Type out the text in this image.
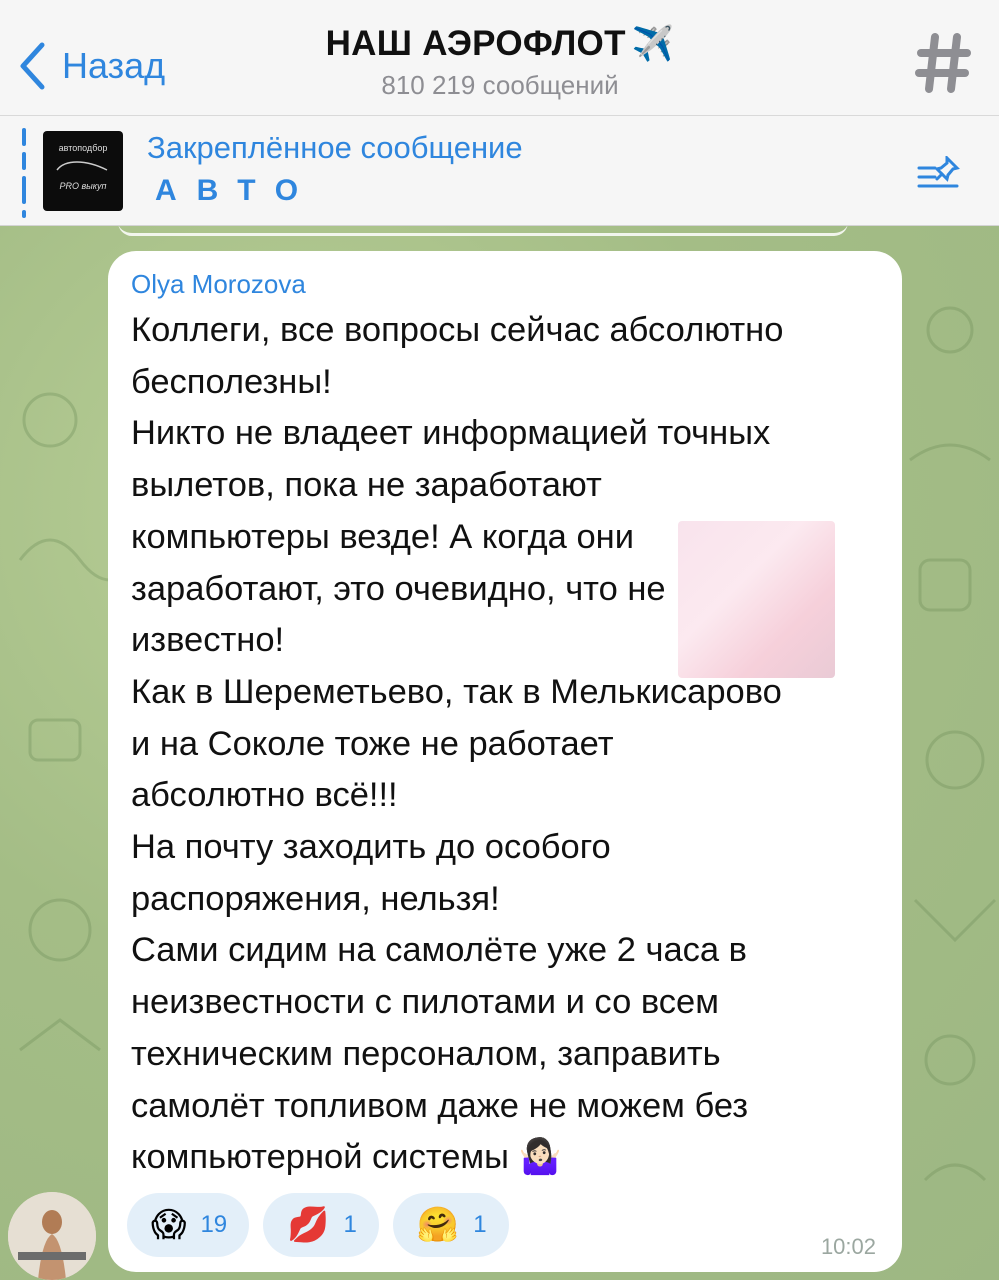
Назад
НАШ АЭРОФЛОТ ✈️
810 219 сообщений
автоподбор
PRO выкуп
Закреплённое сообщение
АВТО
Olya Morozova
Коллеги, все вопросы сейчас абсолютно
бесполезны!
Никто не владеет информацией точных
вылетов, пока не заработают
компьютеры везде! А когда они
заработают, это очевидно, что не
известно!
Как в Шереметьево, так в Мелькисарово
и на Соколе тоже не работает
абсолютно всё!!!
На почту заходить до особого
распоряжения, нельзя!
Сами сидим на самолёте уже 2 часа в
неизвестности с пилотами и со всем
техническим персоналом, заправить
самолёт топливом даже не можем без
компьютерной системы 🤷🏻‍♀️
😱 19 💋 1 🤗 1
10:02
